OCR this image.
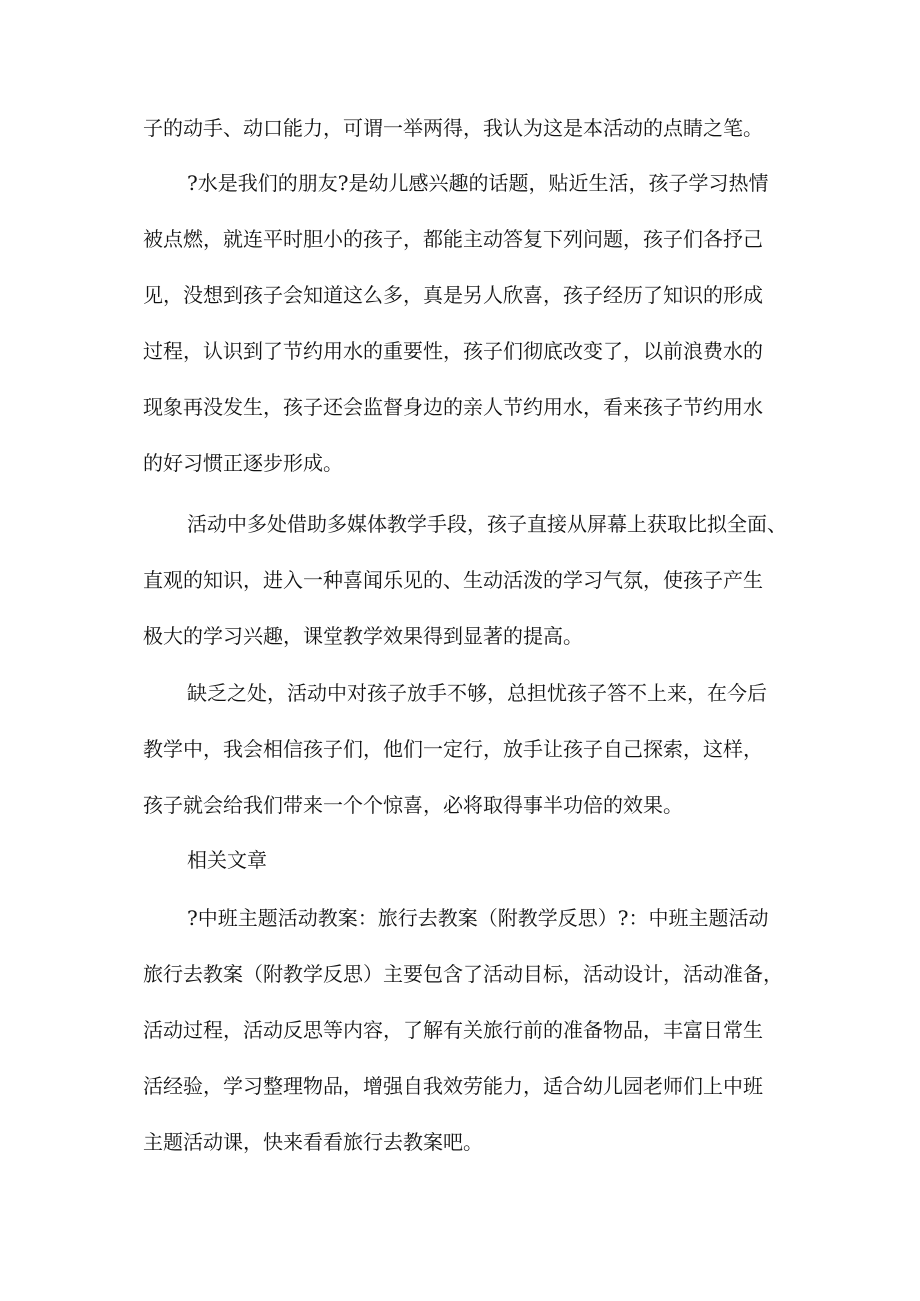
子的动手、动口能力，可谓一举两得，我认为这是本活动的点睛之笔。
?水是我们的朋友?是幼儿感兴趣的话题，贴近生活，孩子学习热情
被点燃，就连平时胆小的孩子，都能主动答复下列问题，孩子们各抒己
见，没想到孩子会知道这么多，真是另人欣喜，孩子经历了知识的形成
过程，认识到了节约用水的重要性，孩子们彻底改变了，以前浪费水的
现象再没发生，孩子还会监督身边的亲人节约用水，看来孩子节约用水
的好习惯正逐步形成。
活动中多处借助多媒体教学手段，孩子直接从屏幕上获取比拟全面、
直观的知识，进入一种喜闻乐见的、生动活泼的学习气氛，使孩子产生
极大的学习兴趣，课堂教学效果得到显著的提高。
缺乏之处，活动中对孩子放手不够，总担忧孩子答不上来，在今后
教学中，我会相信孩子们，他们一定行，放手让孩子自己探索，这样，
孩子就会给我们带来一个个惊喜，必将取得事半功倍的效果。
相关文章
?中班主题活动教案：旅行去教案（附教学反思）?：中班主题活动
旅行去教案（附教学反思）主要包含了活动目标，活动设计，活动准备，
活动过程，活动反思等内容，了解有关旅行前的准备物品，丰富日常生
活经验，学习整理物品，增强自我效劳能力，适合幼儿园老师们上中班
主题活动课，快来看看旅行去教案吧。
